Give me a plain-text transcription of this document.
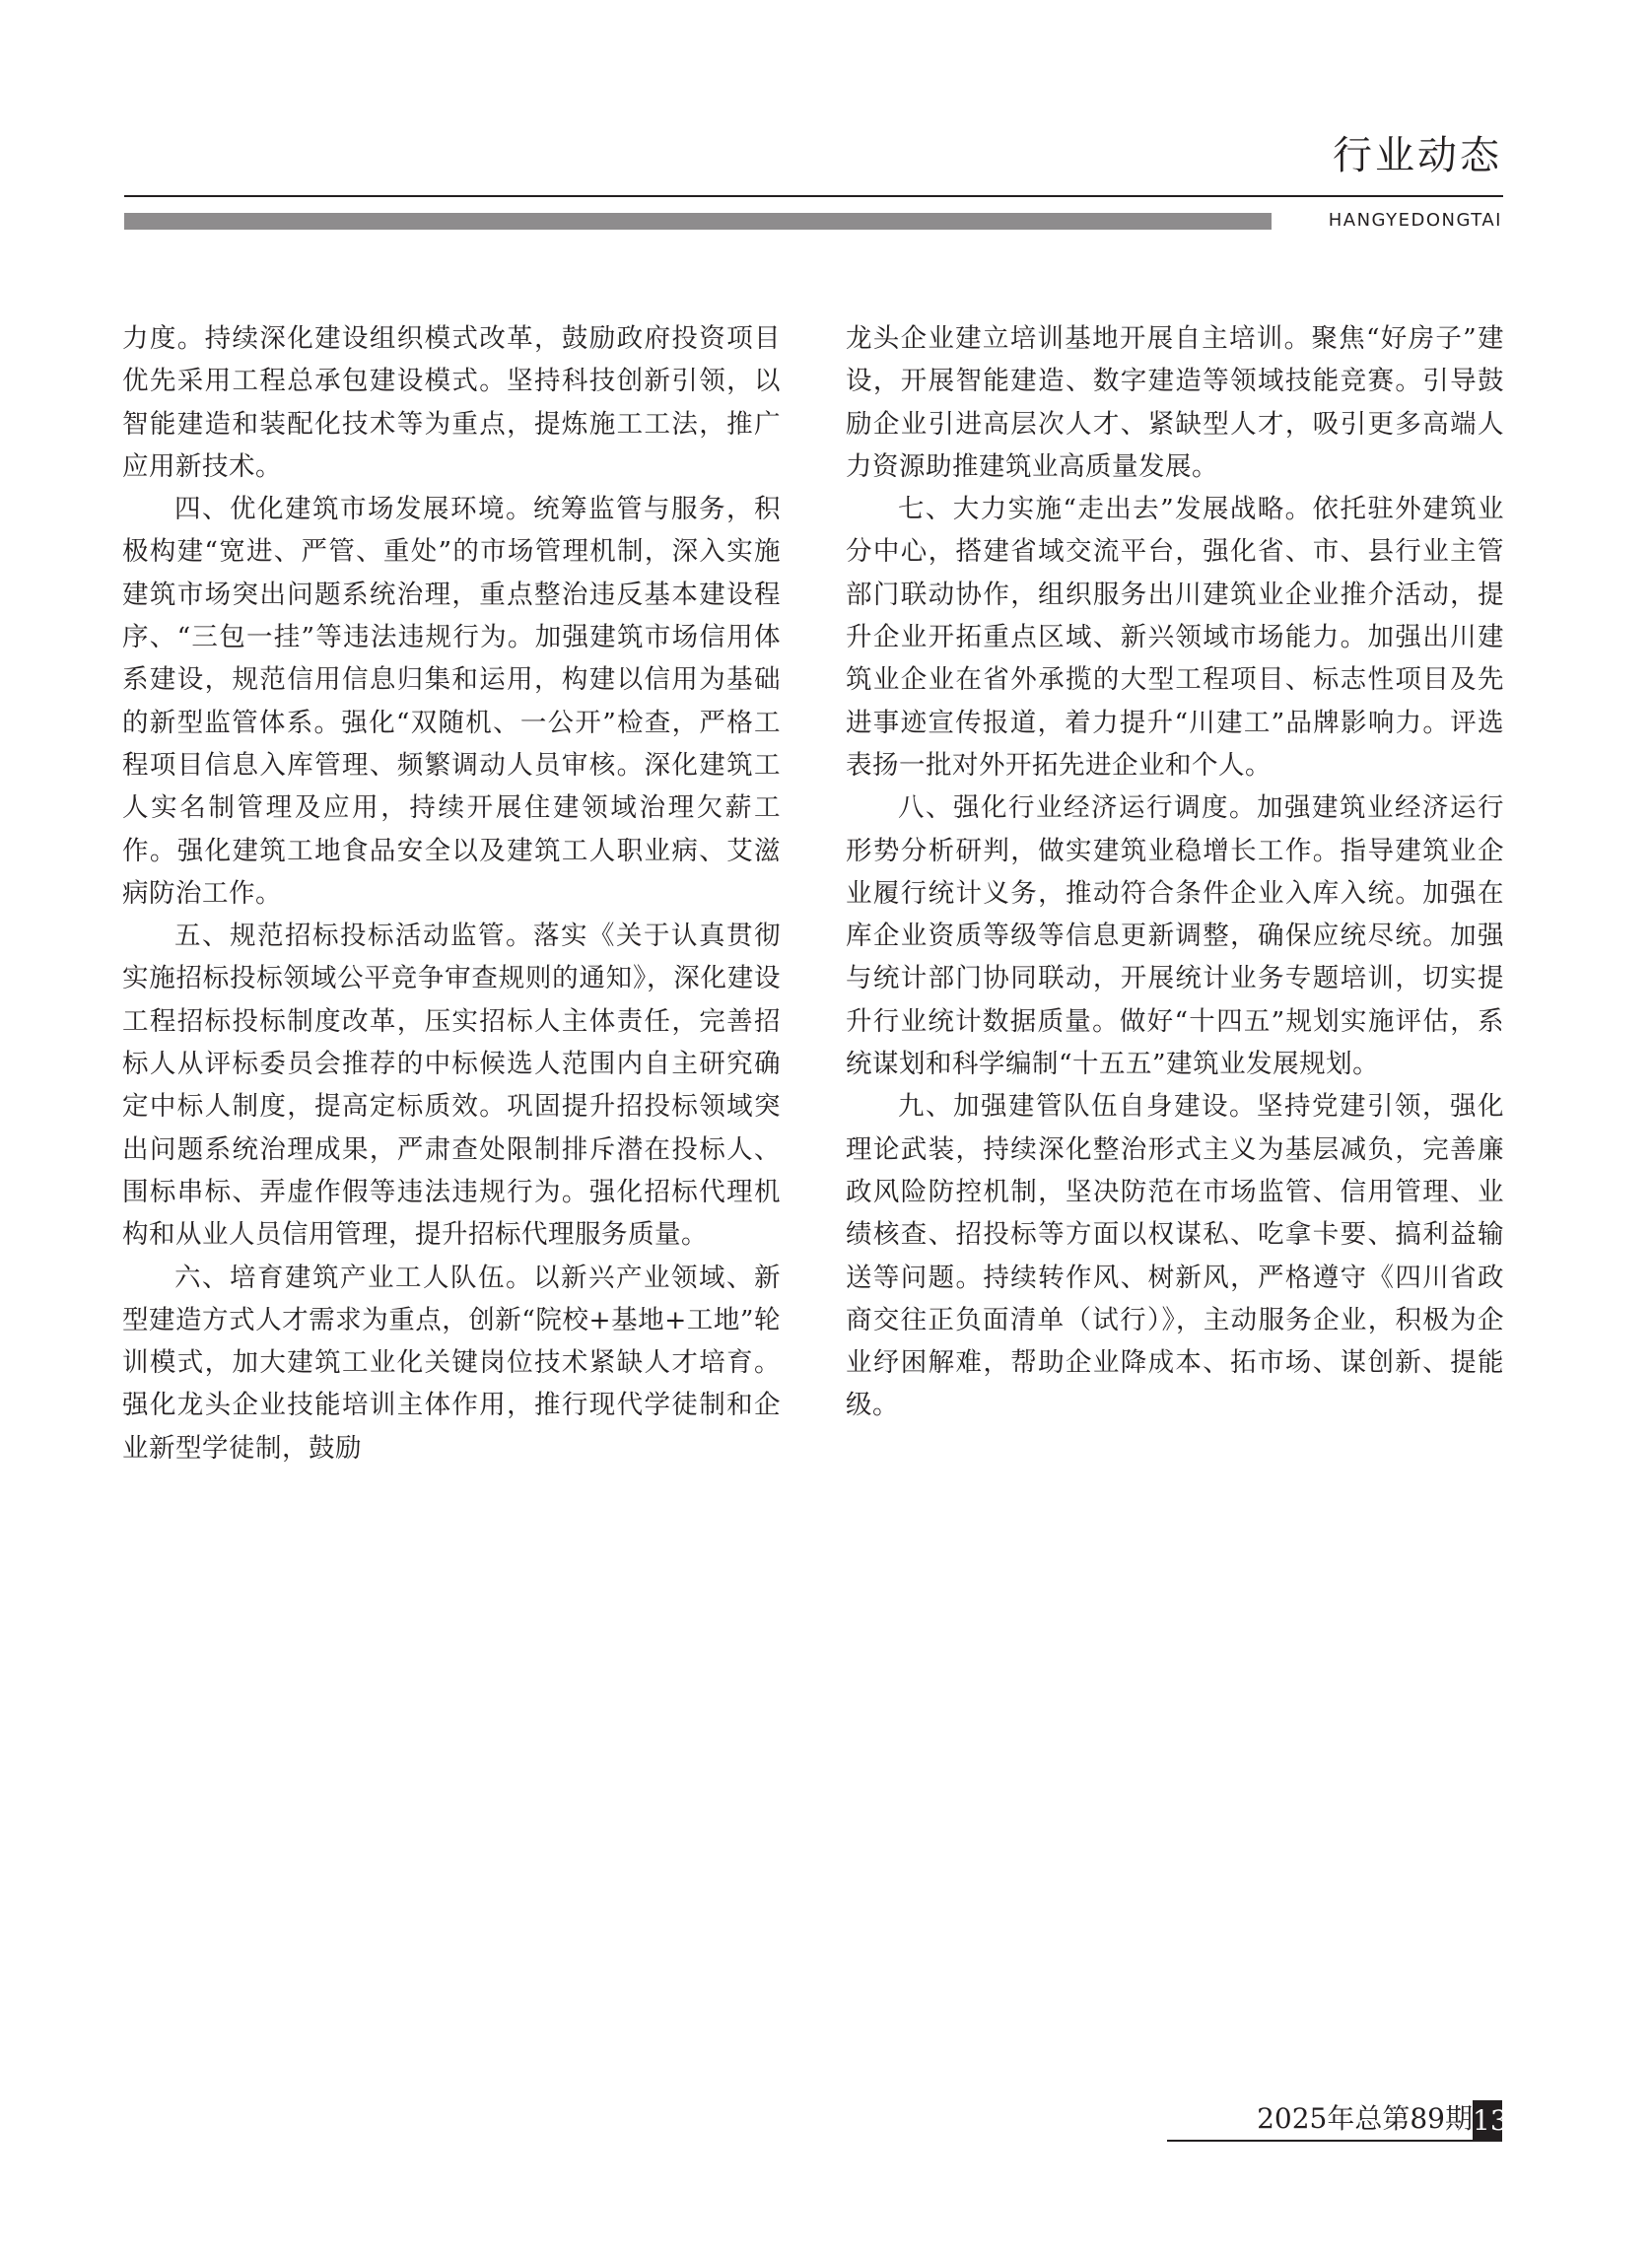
行业动态
HANGYEDONGTAI

力度。持续深化建设组织模式改革，鼓励政府投资项目优先采用工程总承包建设模式。坚持科技创新引领，以智能建造和装配化技术等为重点，提炼施工工法，推广应用新技术。

四、优化建筑市场发展环境。统筹监管与服务，积极构建“宽进、严管、重处”的市场管理机制，深入实施建筑市场突出问题系统治理，重点整治违反基本建设程序、“三包一挂”等违法违规行为。加强建筑市场信用体系建设，规范信用信息归集和运用，构建以信用为基础的新型监管体系。强化“双随机、一公开”检查，严格工程项目信息入库管理、频繁调动人员审核。深化建筑工人实名制管理及应用，持续开展住建领域治理欠薪工作。强化建筑工地食品安全以及建筑工人职业病、艾滋病防治工作。

五、规范招标投标活动监管。落实《关于认真贯彻实施招标投标领域公平竞争审查规则的通知》，深化建设工程招标投标制度改革，压实招标人主体责任，完善招标人从评标委员会推荐的中标候选人范围内自主研究确定中标人制度，提高定标质效。巩固提升招投标领域突出问题系统治理成果，严肃查处限制排斥潜在投标人、围标串标、弄虚作假等违法违规行为。强化招标代理机构和从业人员信用管理，提升招标代理服务质量。

六、培育建筑产业工人队伍。以新兴产业领域、新型建造方式人才需求为重点，创新“院校+基地+工地”轮训模式，加大建筑工业化关键岗位技术紧缺人才培育。强化龙头企业技能培训主体作用，推行现代学徒制和企业新型学徒制，鼓励

龙头企业建立培训基地开展自主培训。聚焦“好房子”建设，开展智能建造、数字建造等领域技能竞赛。引导鼓励企业引进高层次人才、紧缺型人才，吸引更多高端人力资源助推建筑业高质量发展。

七、大力实施“走出去”发展战略。依托驻外建筑业分中心，搭建省域交流平台，强化省、市、县行业主管部门联动协作，组织服务出川建筑业企业推介活动，提升企业开拓重点区域、新兴领域市场能力。加强出川建筑业企业在省外承揽的大型工程项目、标志性项目及先进事迹宣传报道，着力提升“川建工”品牌影响力。评选表扬一批对外开拓先进企业和个人。

八、强化行业经济运行调度。加强建筑业经济运行形势分析研判，做实建筑业稳增长工作。指导建筑业企业履行统计义务，推动符合条件企业入库入统。加强在库企业资质等级等信息更新调整，确保应统尽统。加强与统计部门协同联动，开展统计业务专题培训，切实提升行业统计数据质量。做好“十四五”规划实施评估，系统谋划和科学编制“十五五”建筑业发展规划。

九、加强建管队伍自身建设。坚持党建引领，强化理论武装，持续深化整治形式主义为基层减负，完善廉政风险防控机制，坚决防范在市场监管、信用管理、业绩核查、招投标等方面以权谋私、吃拿卡要、搞利益输送等问题。持续转作风、树新风，严格遵守《四川省政商交往正负面清单（试行）》，主动服务企业，积极为企业纾困解难，帮助企业降成本、拓市场、谋创新、提能级。

2025年总第89期 13
